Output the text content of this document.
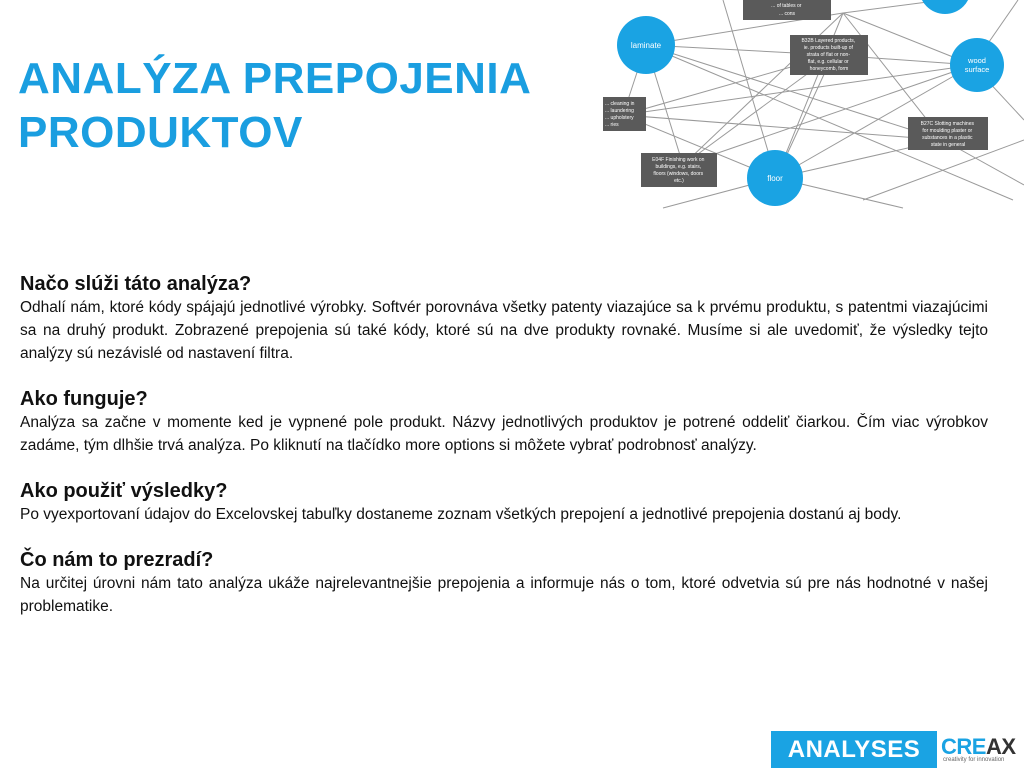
ANALÝZA PREPOJENIA
PRODUKTOV
laminate
wood surface
floor
B32B Layered products, ie. products built-up of strata of flat or non- flat, e.g. cellular or honeycomb, form
B27C Slotting machines for moulding plaster or substances in a plastic state in general
E04F Finishing work on buildings, e.g. stairs, floors (windows, doors etc.)
... cleaning in ... laundering ... upholstery ... ries
... of tables or ... cons
Načo slúži táto analýza?

Odhalí nám, ktoré kódy spájajú jednotlivé výrobky. Softvér porovnáva všetky patenty viazajúce sa k prvému produktu, s patentmi viazajúcimi sa na druhý produkt. Zobrazené prepojenia sú také kódy, ktoré sú na dve produkty rovnaké. Musíme si ale uvedomiť, že výsledky tejto analýzy sú nezávislé od nastavení filtra.

Ako funguje?

Analýza sa začne v momente ked je vypnené pole produkt. Názvy jednotlivých produktov je potrené oddeliť čiarkou. Čím viac výrobkov zadáme, tým dlhšie trvá analýza. Po kliknutí na tlačídko more options si môžete vybrať podrobnosť analýzy.

Ako použiť výsledky?

Po vyexportovaní údajov do Excelovskej tabuľky dostaneme zoznam všetkých prepojení a jednotlivé prepojenia dostanú aj body.

Čo nám to prezradí?

Na určitej úrovni nám tato analýza ukáže najrelevantnejšie prepojenia a informuje nás o tom, ktoré odvetvia sú pre nás hodnotné v našej problematike.

ANALYSES CREAX
creativity for innovation
